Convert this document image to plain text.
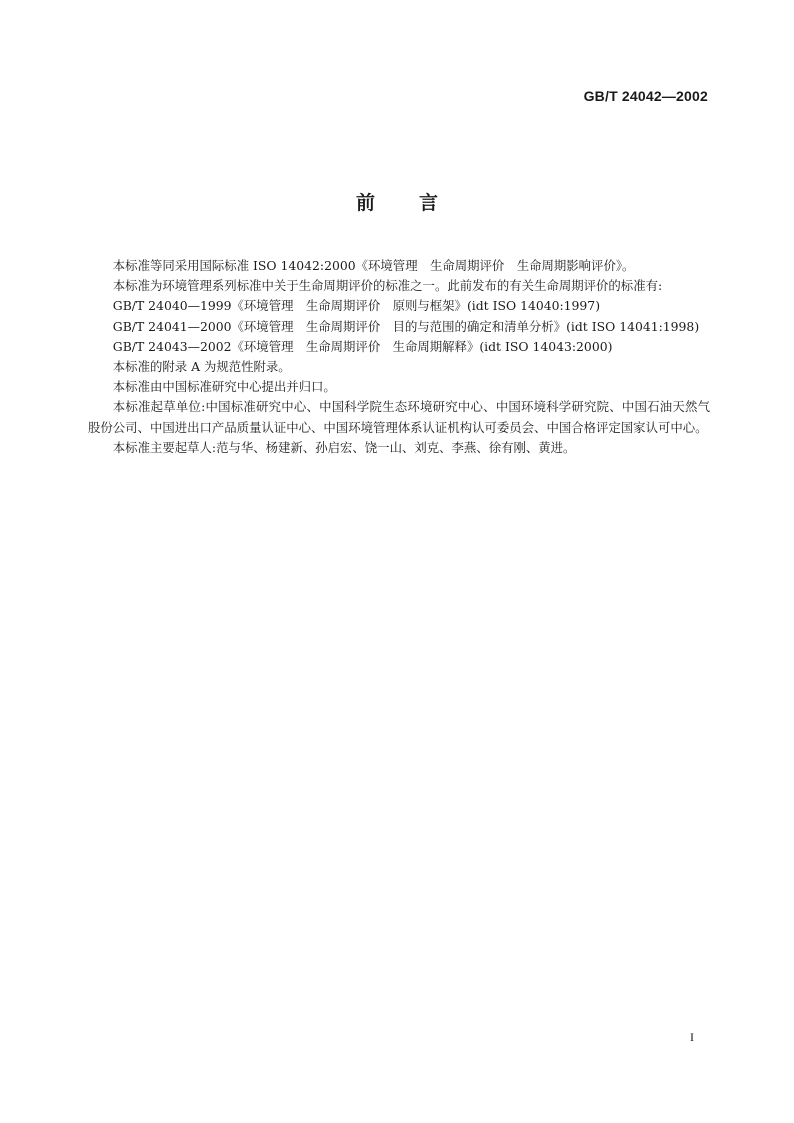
GB/T 24042—2002
前言

本标准等同采用国际标准 ISO 14042:2000《环境管理　生命周期评价　生命周期影响评价》。

本标准为环境管理系列标准中关于生命周期评价的标准之一。此前发布的有关生命周期评价的标准有:

GB/T 24040—1999《环境管理　生命周期评价　原则与框架》(idt ISO 14040:1997)

GB/T 24041—2000《环境管理　生命周期评价　目的与范围的确定和清单分析》(idt ISO 14041:1998)

GB/T 24043—2002《环境管理　生命周期评价　生命周期解释》(idt ISO 14043:2000)

本标准的附录 A 为规范性附录。

本标准由中国标准研究中心提出并归口。

本标准起草单位:中国标准研究中心、中国科学院生态环境研究中心、中国环境科学研究院、中国石油天然气股份公司、中国进出口产品质量认证中心、中国环境管理体系认证机构认可委员会、中国合格评定国家认可中心。

本标准主要起草人:范与华、杨建新、孙启宏、饶一山、刘克、李燕、徐有刚、黄进。

I
